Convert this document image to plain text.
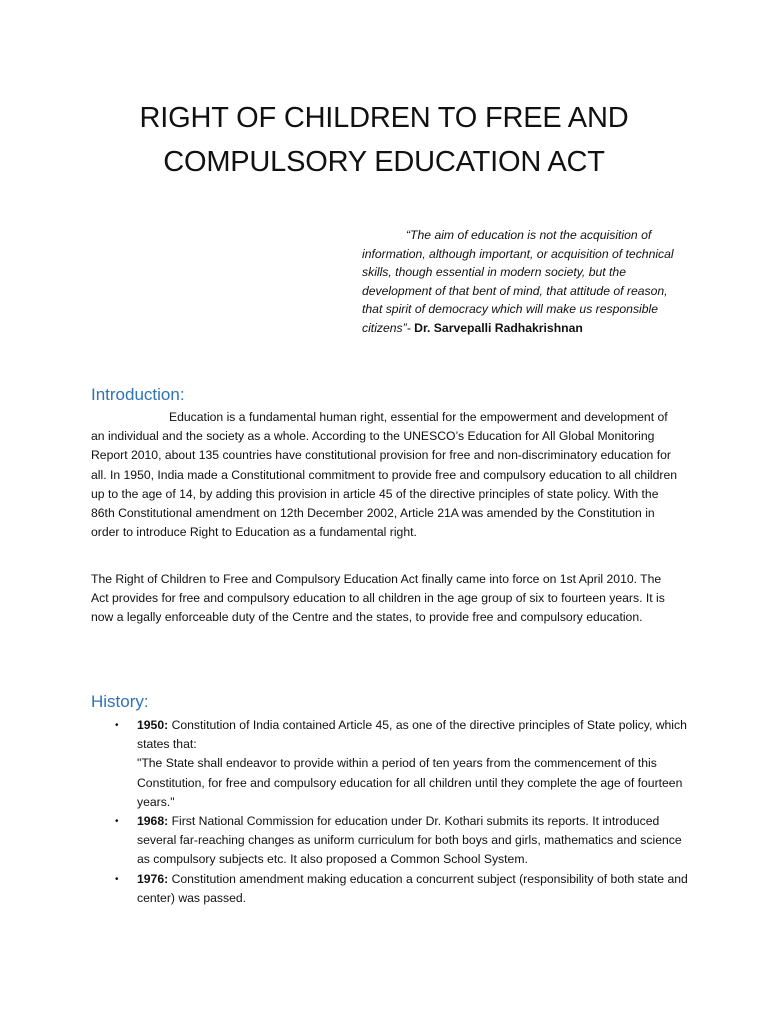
RIGHT OF CHILDREN TO FREE AND
COMPULSORY EDUCATION ACT

“The aim of education is not the acquisition of information, although important, or acquisition of technical skills, though essential in modern society, but the development of that bent of mind, that attitude of reason, that spirit of democracy which will make us responsible citizens”- Dr. Sarvepalli Radhakrishnan

Introduction:

Education is a fundamental human right, essential for the empowerment and development of an individual and the society as a whole. According to the UNESCO’s Education for All Global Monitoring Report 2010, about 135 countries have constitutional provision for free and non-discriminatory education for all. In 1950, India made a Constitutional commitment to provide free and compulsory education to all children up to the age of 14, by adding this provision in article 45 of the directive principles of state policy. With the 86th Constitutional amendment on 12th December 2002, Article 21A was amended by the Constitution in order to introduce Right to Education as a fundamental right.

The Right of Children to Free and Compulsory Education Act finally came into force on 1st April 2010. The Act provides for free and compulsory education to all children in the age group of six to fourteen years. It is now a legally enforceable duty of the Centre and the states, to provide free and compulsory education.

History:
• 1950: Constitution of India contained Article 45, as one of the directive principles of State policy, which states that:
"The State shall endeavor to provide within a period of ten years from the commencement of this Constitution, for free and compulsory education for all children until they complete the age of fourteen years."
• 1968: First National Commission for education under Dr. Kothari submits its reports. It introduced several far-reaching changes as uniform curriculum for both boys and girls, mathematics and science as compulsory subjects etc. It also proposed a Common School System.
• 1976: Constitution amendment making education a concurrent subject (responsibility of both state and center) was passed.
